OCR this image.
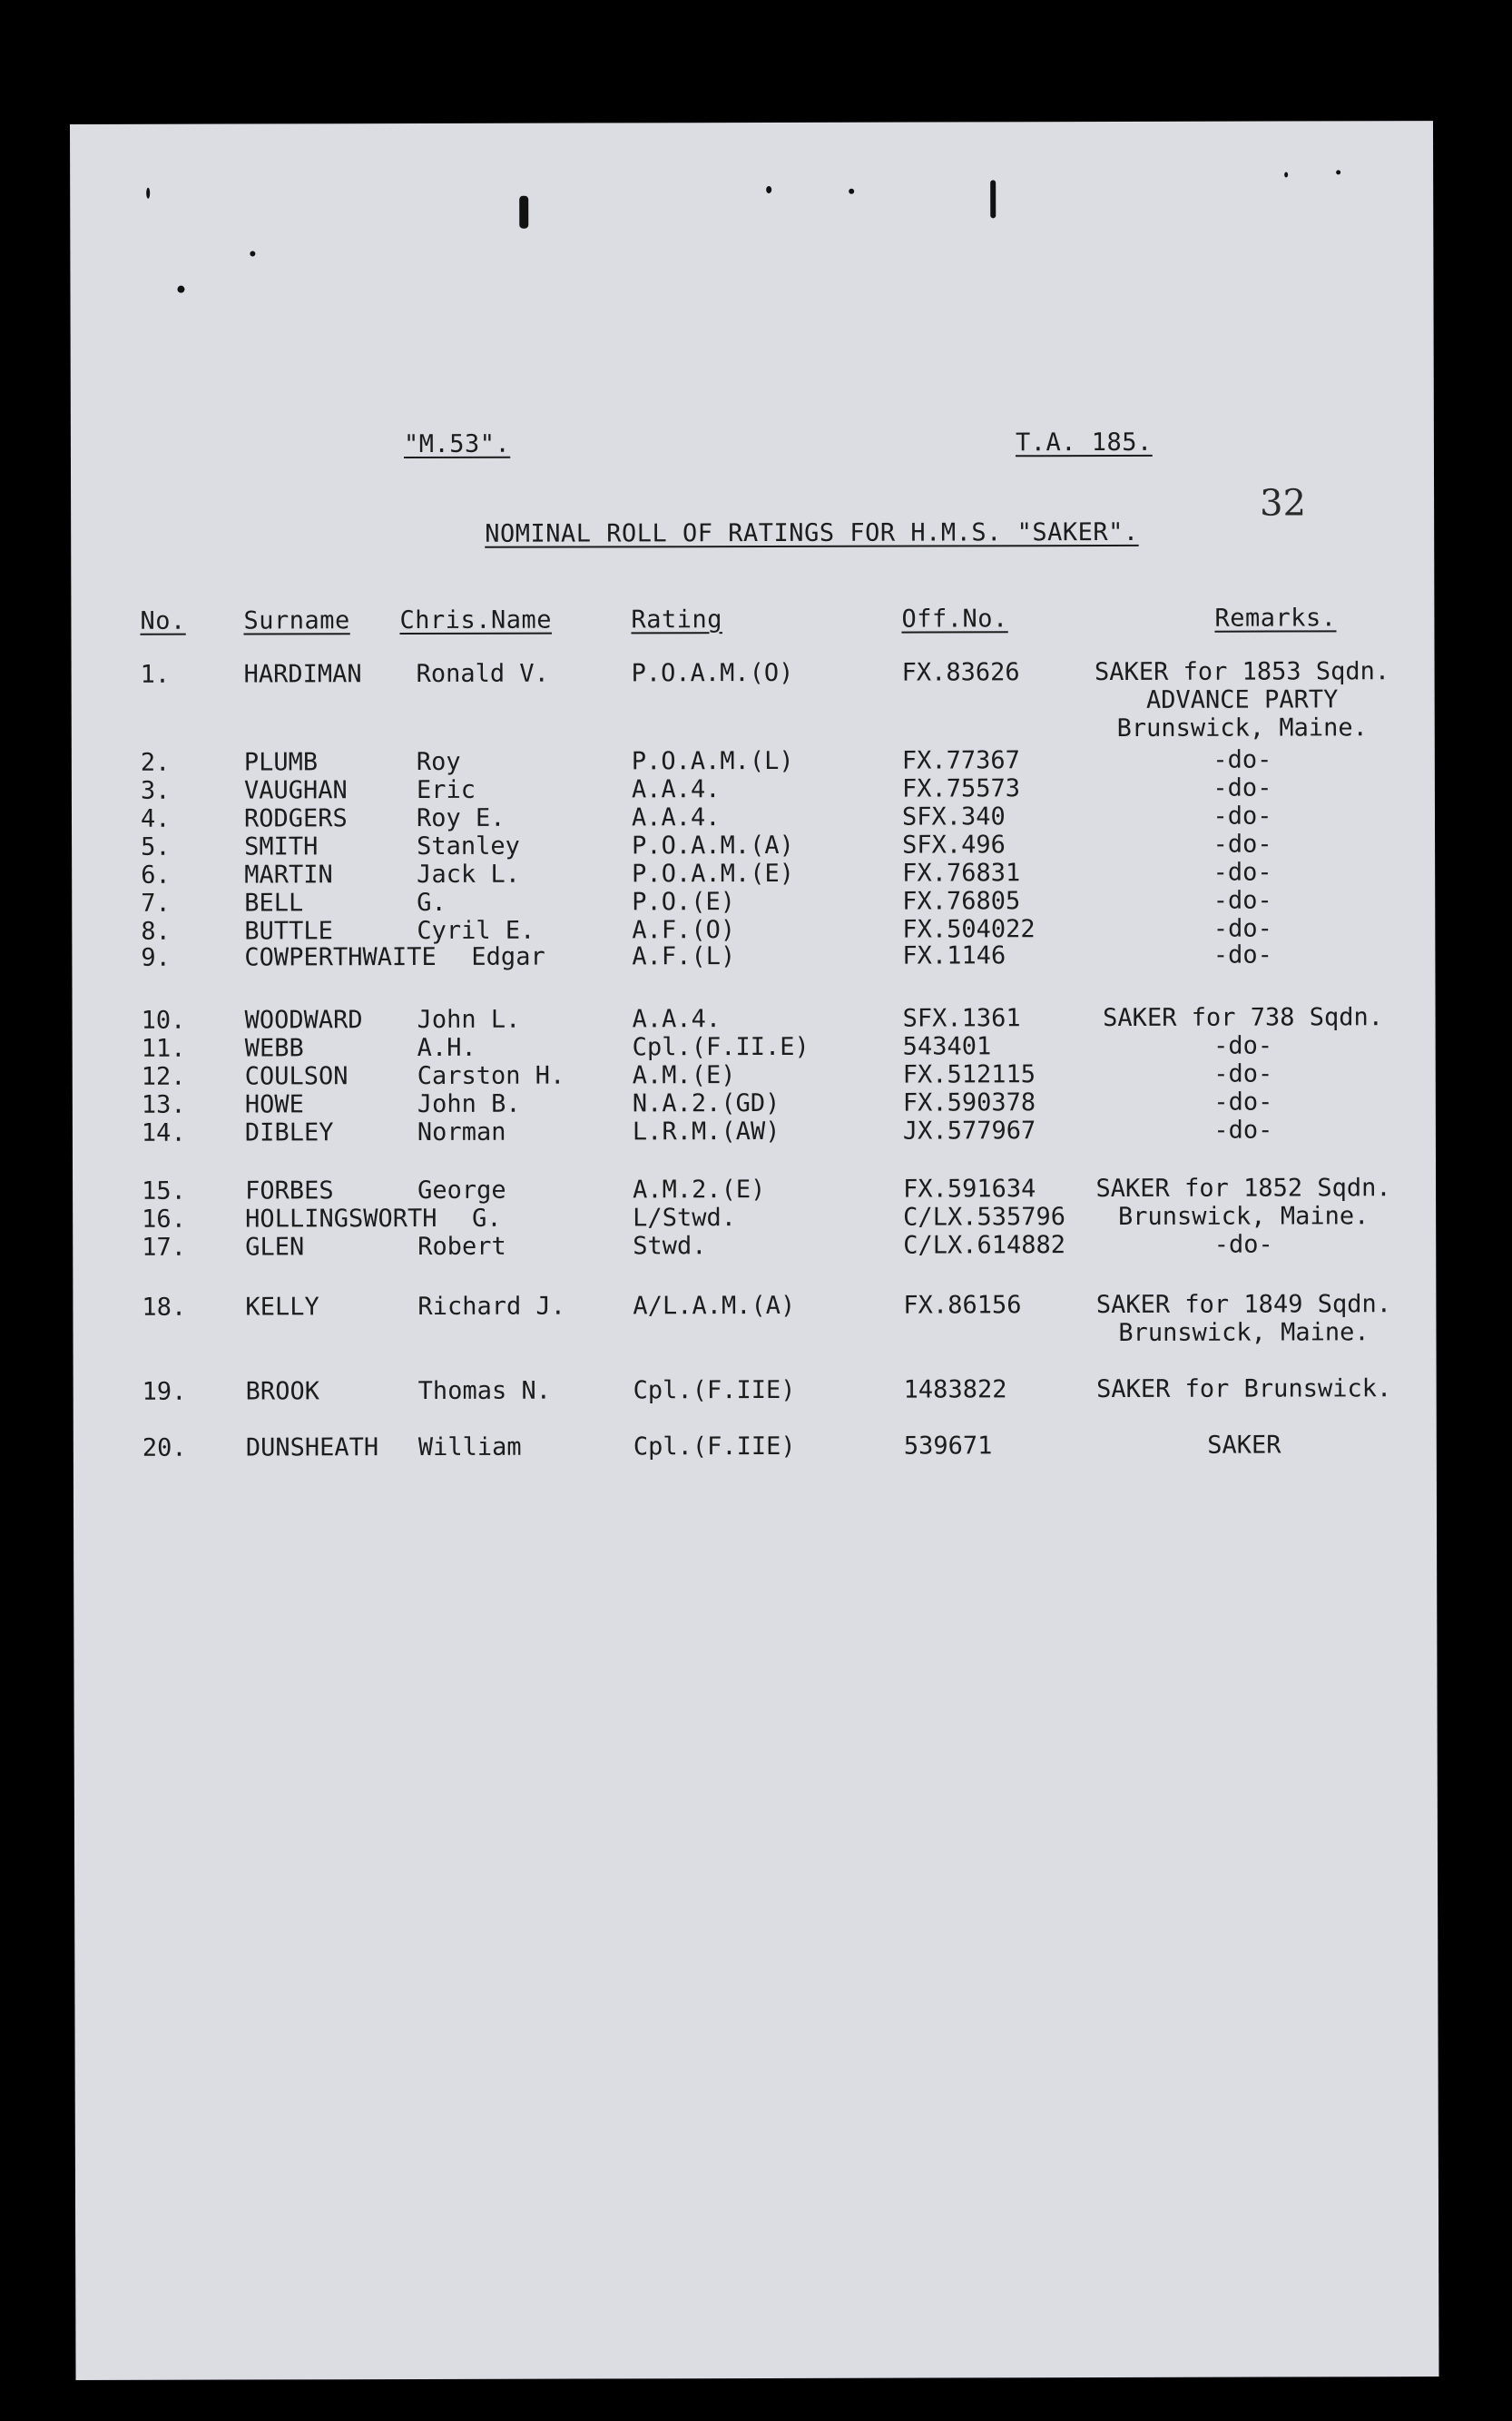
"M.53".	T.A. 185.
32
NOMINAL ROLL OF RATINGS FOR H.M.S. "SAKER".
No. Surname Chris.Name	Rating	Off.No.	Remarks.
1.	HARDIMAN Ronald V.	P.O.A.M.(O)	FX.83626	SAKER for 1853 Sqdn.
ADVANCE PARTY
Brunswick, Maine.
2.	PLUMB	Roy	P.O.A.M.(L)	FX.77367	-do-
3.	VAUGHAN	Eric	A.A.4.	FX.75573	-do-
4.	RODGERS	Roy E.	A.A.4.	SFX.340	-do-
5.	SMITH	Stanley	P.O.A.M.(A)	SFX.496	-do-
6.	MARTIN	Jack L.	P.O.A.M.(E)	FX.76831	-do-
7.	BELL	G.	P.O.(E)	FX.76805	-do-
8.	BUTTLE	Cyril E.	A.F.(O)	FX.504022	-do-
9.	COWPERTHWAITE Edgar	A.F.(L)	FX.1146	-do-
10. WOODWARD John L.	A.A.4.	SFX.1361	SAKER for 738 Sqdn.
11. WEBB	A.H.	Cpl.(F.II.E)	543401	-do-
12. COULSON	Carston H.	A.M.(E)	FX.512115	-do-
13. HOWE	John B.	N.A.2.(GD)	FX.590378	-do-
14. DIBLEY	Norman	L.R.M.(AW)	JX.577967	-do-
15. FORBES	George	A.M.2.(E)	FX.591634 SAKER for 1852 Sqdn.
16. HOLLINGSWORTH G.	L/Stwd.	C/LX.535796 Brunswick, Maine.
17. GLEN	Robert	Stwd.	C/LX.614882	-do-
18. KELLY	Richard J.	A/L.A.M.(A)	FX.86156	SAKER for 1849 Sqdn.
Brunswick, Maine.
19. BROOK	Thomas N.	Cpl.(F.IIE)	1483822	SAKER for Brunswick.
20. DUNSHEATH William	Cpl.(F.IIE)	539671	SAKER
